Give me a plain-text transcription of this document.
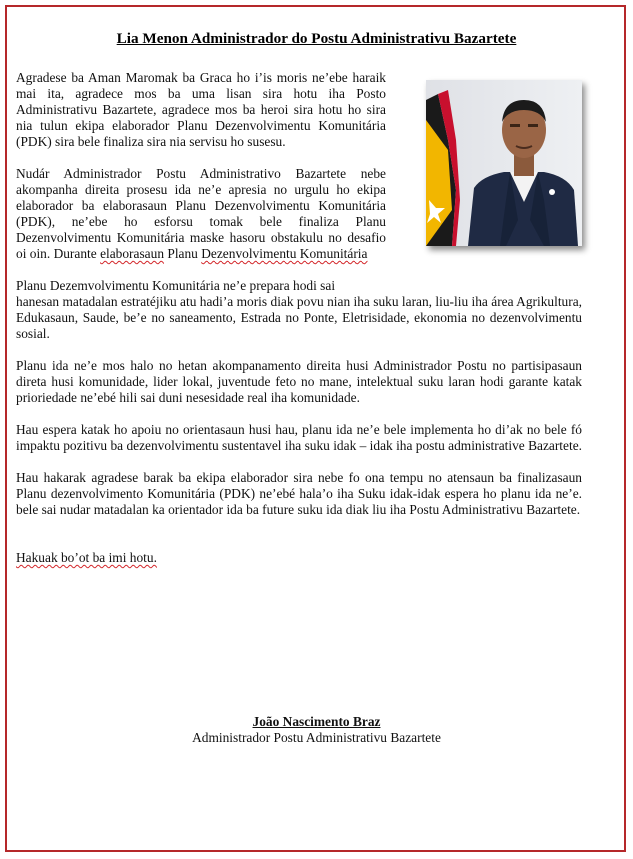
Lia Menon Administrador do Postu Administrativu Bazartete

Agradese ba Aman Maromak ba Graca ho i’is moris ne’ebe haraik mai ita, agradece mos ba uma lisan sira hotu iha Posto Administrativu Bazartete, agradece mos ba heroi sira hotu ho sira nia tulun ekipa elaborador Planu Dezenvolvimentu Komunitária (PDK) sira bele finaliza sira nia servisu ho susesu.

Nudár Administrador Postu Administrativo Bazartete nebe akompanha direita prosesu ida ne’e apresia no urgulu ho ekipa elaborador ba elaborasaun Planu Dezenvolvimentu Komunitária (PDK), ne’ebe ho esforsu tomak bele finaliza Planu Dezenvolvimentu Komunitária maske hasoru obstakulu no desafio oi oin. Durante elaborasaun Planu Dezenvolvimentu Komunitária

Planu Dezemvolvimentu Komunitária ne’e prepara hodi sai

hanesan matadalan estratéjiku atu hadi’a moris diak povu nian iha suku laran, liu-liu iha área Agrikultura, Edukasaun, Saude, be’e no saneamento, Estrada no Ponte, Eletrisidade, ekonomia no dezenvolvimentu sosial.

Planu ida ne’e mos halo no hetan akompanamento direita husi Administrador Postu no partisipasaun direta husi komunidade, lider lokal, juventude feto no mane, intelektual suku laran hodi garante katak prioriedade ne’ebé hili sai duni nesesidade real iha komunidade.

Hau espera katak ho apoiu no orientasaun husi hau, planu ida ne’e bele implementa ho di’ak no bele fó impaktu pozitivu ba dezenvolvimentu sustentavel iha suku idak – idak iha postu administrative Bazartete.

Hau hakarak agradese barak ba ekipa elaborador sira nebe fo ona tempu no atensaun ba finalizasaun Planu dezenvolvimento Komunitária (PDK) ne’ebé hala’o iha Suku idak-idak espera ho planu ida ne’e. bele sai nudar matadalan ka orientador ida ba future suku ida diak liu iha Postu Administrativu Bazartete.

Hakuak bo’ot ba imi hotu.

João Nascimento Braz
Administrador Postu Administrativu Bazartete
